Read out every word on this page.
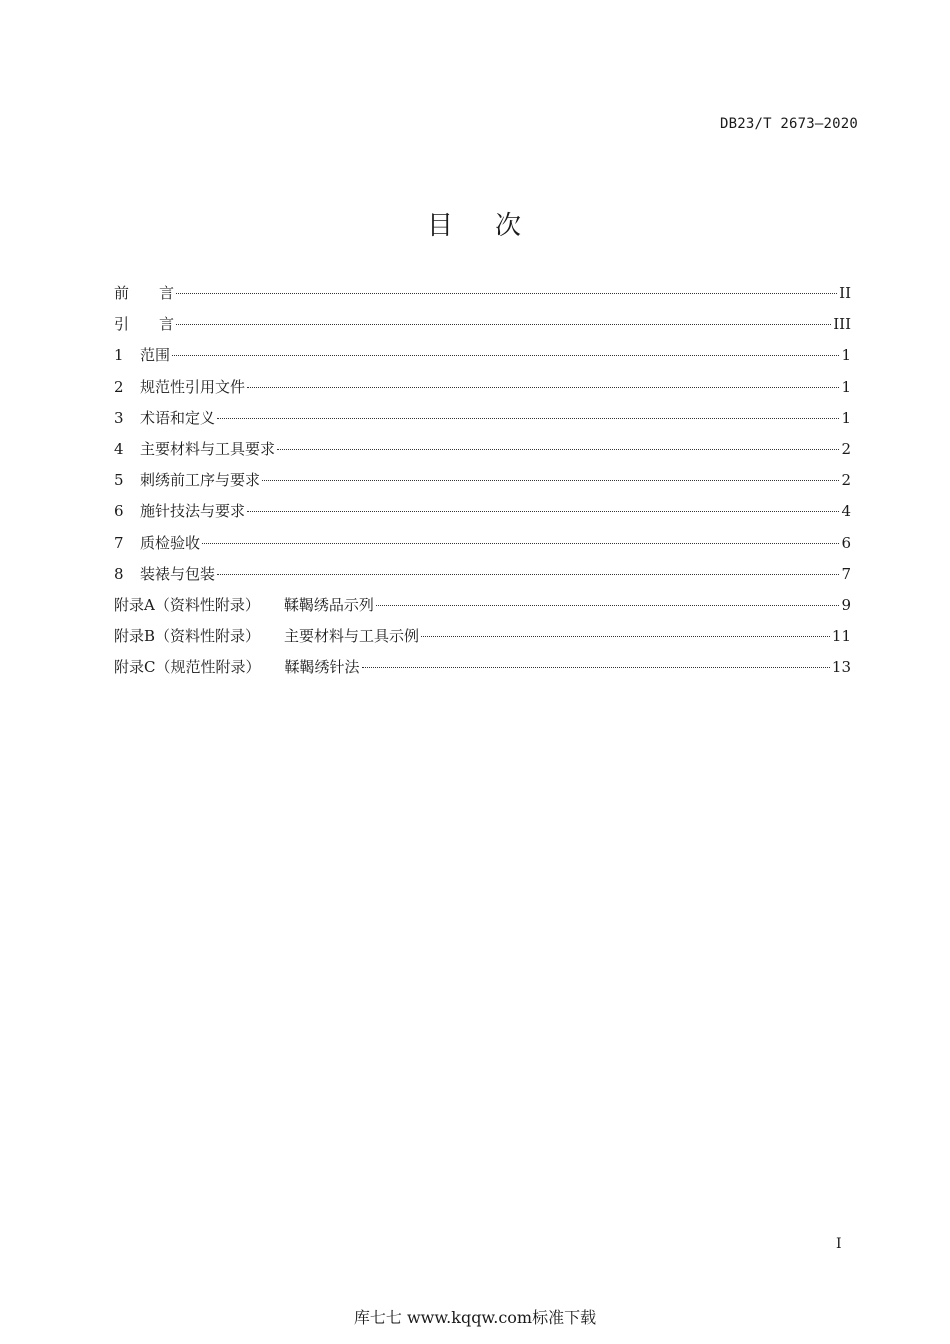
DB23/T 2673—2020
目 次
前　　言	II
引　　言	III
1	范围	1
2	规范性引用文件	1
3	术语和定义	1
4	主要材料与工具要求	2
5	刺绣前工序与要求	2
6	施针技法与要求	4
7	质检验收	6
8	装裱与包装	7
附录A（资料性附录） 鞣鞨绣品示列	9
附录B（资料性附录） 主要材料与工具示例	11
附录C（规范性附录） 鞣鞨绣针法	13
I
库七七 www.kqqw.com标准下载
